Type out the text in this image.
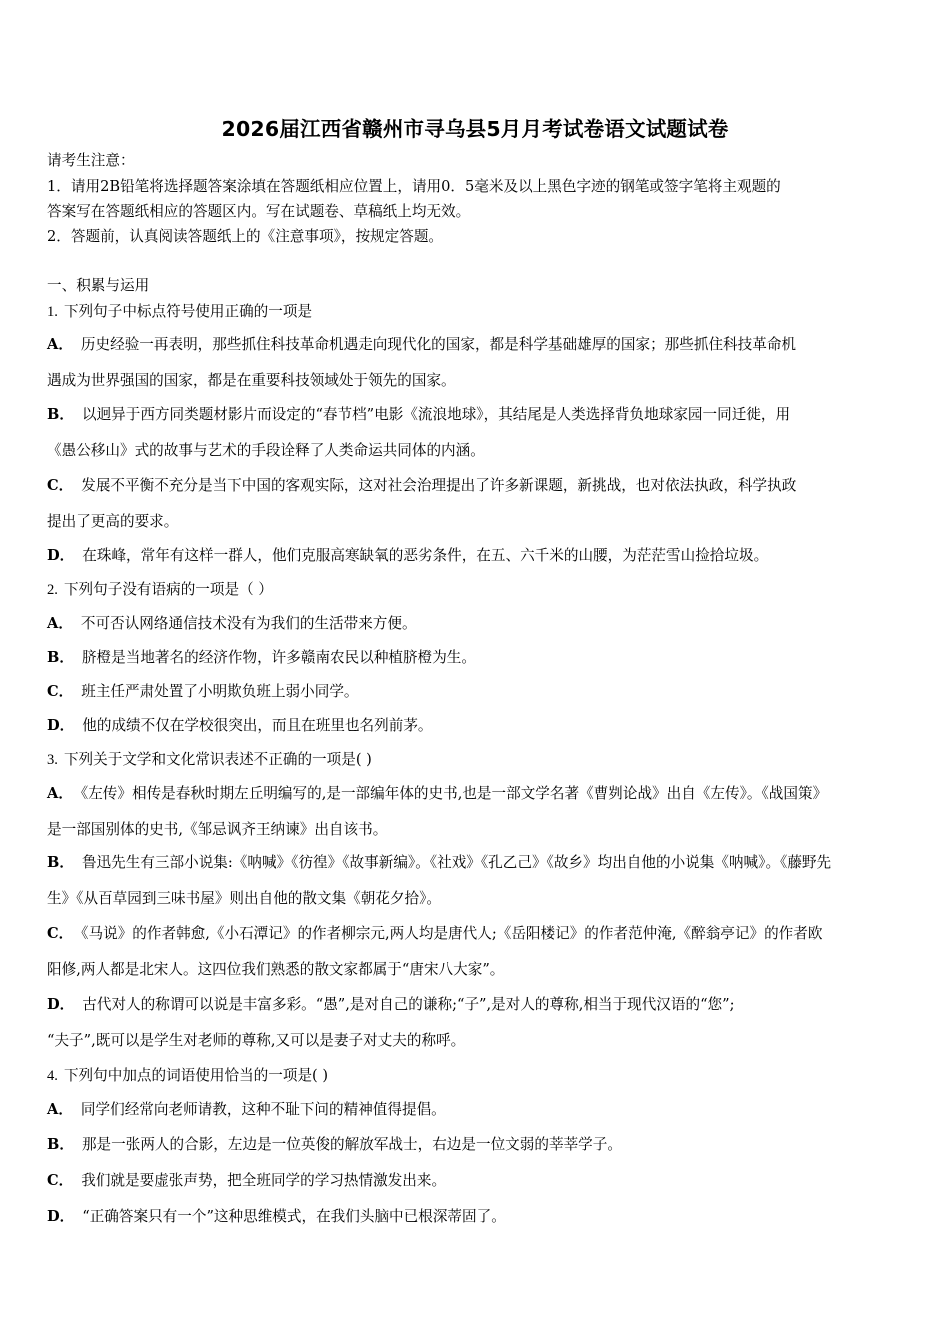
2026届江西省赣州市寻乌县5月月考试卷语文试题试卷
请考生注意：
1．请用2B铅笔将选择题答案涂填在答题纸相应位置上，请用0．5毫米及以上黑色字迹的钢笔或签字笔将主观题的
答案写在答题纸相应的答题区内。写在试题卷、草稿纸上均无效。
2．答题前，认真阅读答题纸上的《注意事项》，按规定答题。
一、积累与运用
1. 下列句子中标点符号使用正确的一项是
A． 历史经验一再表明，那些抓住科技革命机遇走向现代化的国家，都是科学基础雄厚的国家；那些抓住科技革命机
遇成为世界强国的国家，都是在重要科技领域处于领先的国家。
B． 以迥异于西方同类题材影片而设定的“春节档”电影《流浪地球》，其结尾是人类选择背负地球家园一同迁徙，用
《愚公移山》式的故事与艺术的手段诠释了人类命运共同体的内涵。
C． 发展不平衡不充分是当下中国的客观实际，这对社会治理提出了许多新课题，新挑战，也对依法执政，科学执政
提出了更高的要求。
D． 在珠峰，常年有这样一群人，他们克服高寒缺氧的恶劣条件，在五、六千米的山腰，为茫茫雪山捡拾垃圾。
2. 下列句子没有语病的一项是（ ）
A． 不可否认网络通信技术没有为我们的生活带来方便。
B． 脐橙是当地著名的经济作物，许多赣南农民以种植脐橙为生。
C． 班主任严肃处置了小明欺负班上弱小同学。
D． 他的成绩不仅在学校很突出，而且在班里也名列前茅。
3. 下列关于文学和文化常识表述不正确的一项是( )
A． 《左传》相传是春秋时期左丘明编写的,是一部编年体的史书,也是一部文学名著《曹刿论战》出自《左传》。《战国策》
是一部国别体的史书,《邹忌讽齐王纳谏》出自该书。
B． 鲁迅先生有三部小说集:《呐喊》《彷徨》《故事新编》。《社戏》《孔乙己》《故乡》均出自他的小说集《呐喊》。《藤野先
生》《从百草园到三味书屋》则出自他的散文集《朝花夕拾》。
C． 《马说》的作者韩愈,《小石潭记》的作者柳宗元,两人均是唐代人;《岳阳楼记》的作者范仲淹,《醉翁亭记》的作者欧
阳修,两人都是北宋人。这四位我们熟悉的散文家都属于“唐宋八大家”。
D． 古代对人的称谓可以说是丰富多彩。“愚”,是对自己的谦称;“子”,是对人的尊称,相当于现代汉语的“您”;
“夫子”,既可以是学生对老师的尊称,又可以是妻子对丈夫的称呼。
4. 下列句中加点的词语使用恰当的一项是( )
A． 同学们经常向老师请教，这种不耻下问的精神值得提倡。
B． 那是一张两人的合影，左边是一位英俊的解放军战士，右边是一位文弱的莘莘学子。
C． 我们就是要虚张声势，把全班同学的学习热情激发出来。
D． “正确答案只有一个”这种思维模式，在我们头脑中已根深蒂固了。
